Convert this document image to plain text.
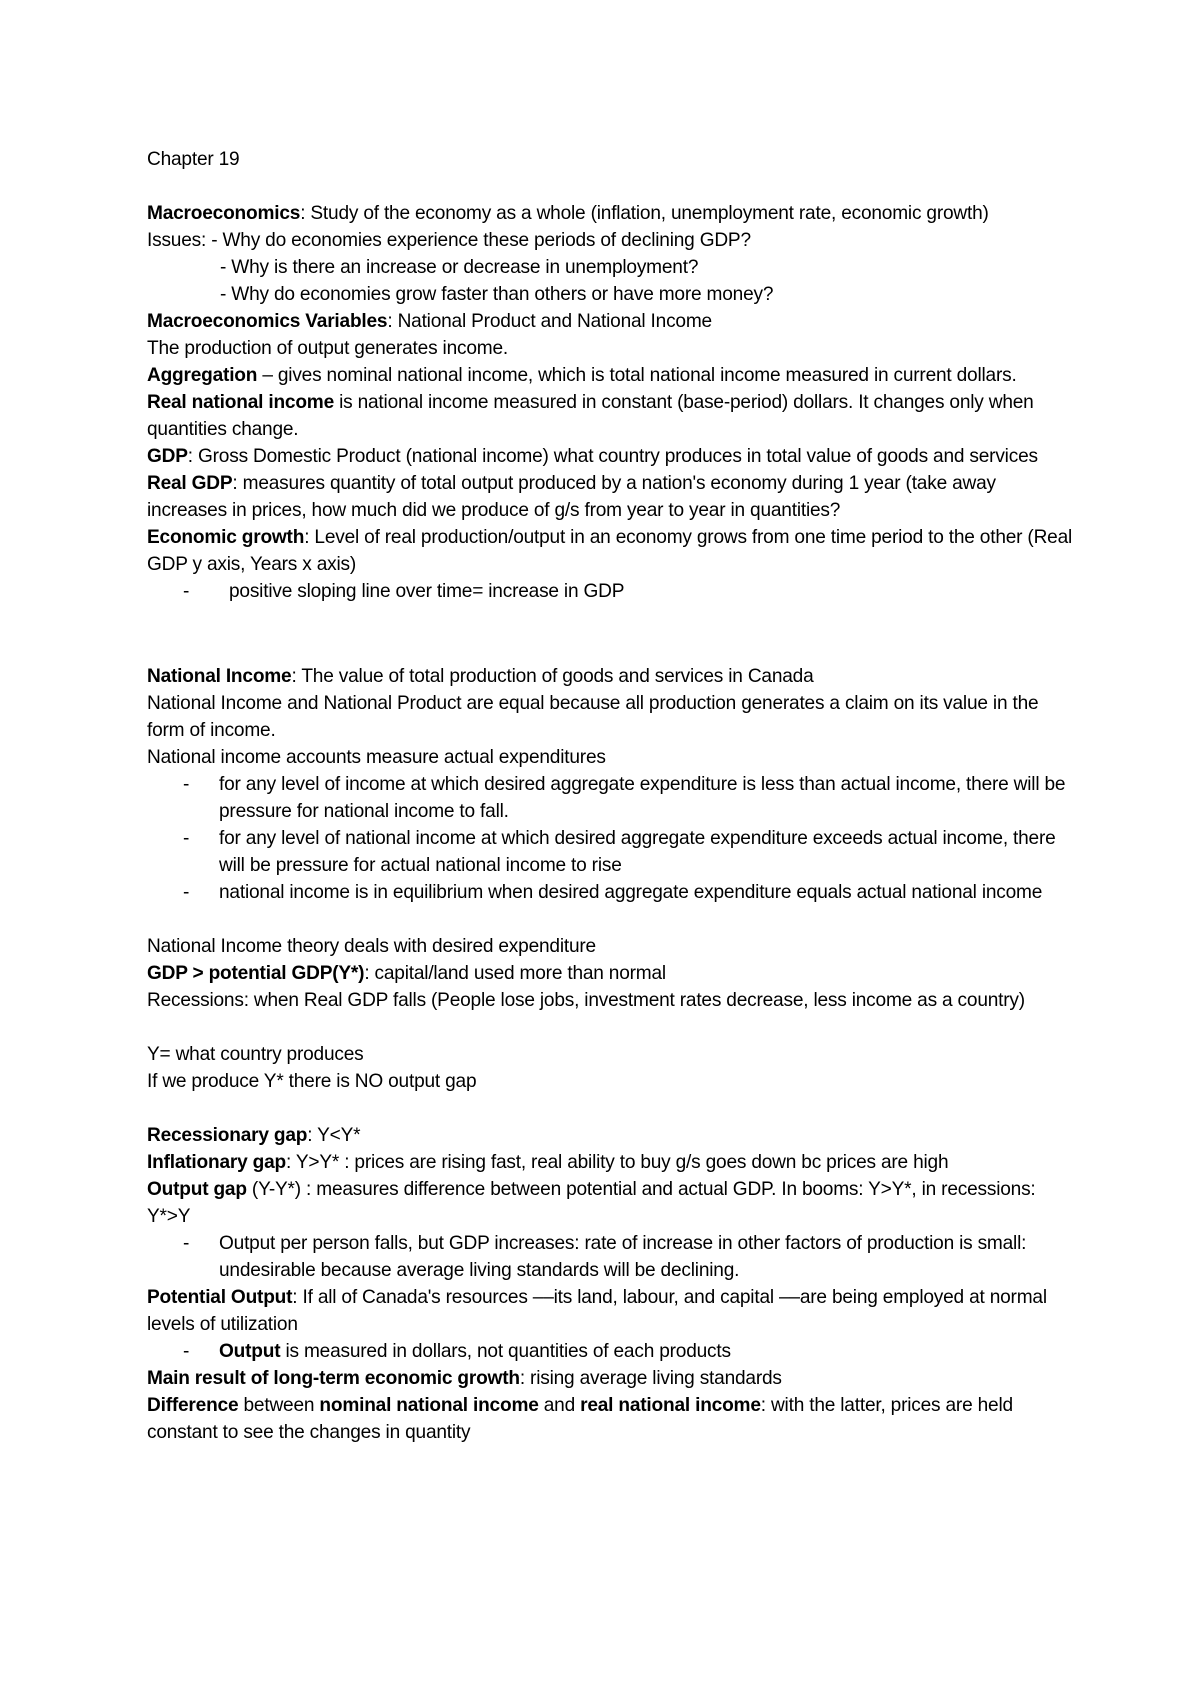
Chapter 19

Macroeconomics: Study of the economy as a whole (inflation, unemployment rate, economic growth)

Issues: - Why do economies experience these periods of declining GDP?

- Why is there an increase or decrease in unemployment?

- Why do economies grow faster than others or have more money?

Macroeconomics Variables: National Product and National Income

The production of output generates income.

Aggregation – gives nominal national income, which is total national income measured in current dollars.

Real national income is national income measured in constant (base-period) dollars. It changes only when quantities change.

GDP: Gross Domestic Product (national income) what country produces in total value of goods and services

Real GDP: measures quantity of total output produced by a nation's economy during 1 year (take away increases in prices, how much did we produce of g/s from year to year in quantities?

Economic growth: Level of real production/output in an economy grows from one time period to the other (Real GDP y axis, Years x axis)

- positive sloping line over time= increase in GDP

National Income: The value of total production of goods and services in Canada

National Income and National Product are equal because all production generates a claim on its value in the form of income.

National income accounts measure actual expenditures

- for any level of income at which desired aggregate expenditure is less than actual income, there will be pressure for national income to fall.
- for any level of national income at which desired aggregate expenditure exceeds actual income, there will be pressure for actual national income to rise
- national income is in equilibrium when desired aggregate expenditure equals actual national income

National Income theory deals with desired expenditure

GDP > potential GDP(Y*): capital/land used more than normal

Recessions: when Real GDP falls (People lose jobs, investment rates decrease, less income as a country)

Y= what country produces

If we produce Y* there is NO output gap

Recessionary gap: Y<Y*

Inflationary gap: Y>Y* : prices are rising fast, real ability to buy g/s goes down bc prices are high

Output gap (Y-Y*) : measures difference between potential and actual GDP. In booms: Y>Y*, in recessions: Y*>Y

- Output per person falls, but GDP increases: rate of increase in other factors of production is small: undesirable because average living standards will be declining.

Potential Output: If all of Canada's resources ––its land, labour, and capital ––are being employed at normal levels of utilization

- Output is measured in dollars, not quantities of each products

Main result of long-term economic growth: rising average living standards

Difference between nominal national income and real national income: with the latter, prices are held constant to see the changes in quantity
